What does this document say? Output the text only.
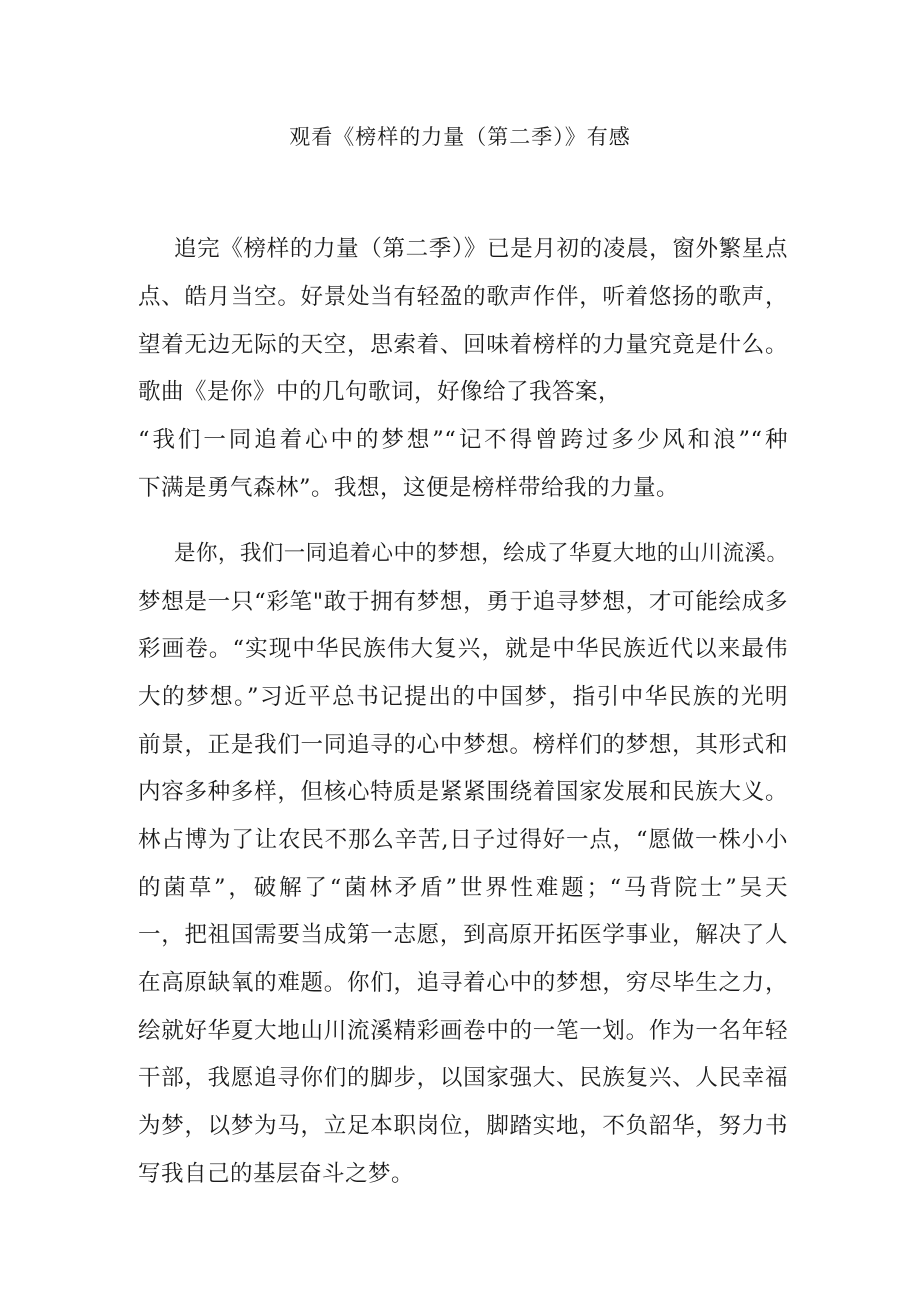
观看《榜样的力量（第二季）》有感
追完《榜样的力量（第二季）》已是月初的凌晨，窗外繁星点
点、皓月当空。好景处当有轻盈的歌声作伴，听着悠扬的歌声，
望着无边无际的天空，思索着、回味着榜样的力量究竟是什么。
歌曲《是你》中的几句歌词，好像给了我答案，
“我们一同追着心中的梦想”“记不得曾跨过多少风和浪”“种
下满是勇气森林”。我想，这便是榜样带给我的力量。
是你，我们一同追着心中的梦想，绘成了华夏大地的山川流溪。
梦想是一只“彩笔"敢于拥有梦想，勇于追寻梦想，才可能绘成多
彩画卷。“实现中华民族伟大复兴，就是中华民族近代以来最伟
大的梦想。”习近平总书记提出的中国梦，指引中华民族的光明
前景，正是我们一同追寻的心中梦想。榜样们的梦想，其形式和
内容多种多样，但核心特质是紧紧围绕着国家发展和民族大义。
林占博为了让农民不那么辛苦,日子过得好一点，“愿做一株小小
的菌草”，破解了“菌林矛盾”世界性难题；“马背院士”吴天
一，把祖国需要当成第一志愿，到高原开拓医学事业，解决了人
在高原缺氧的难题。你们，追寻着心中的梦想，穷尽毕生之力，
绘就好华夏大地山川流溪精彩画卷中的一笔一划。作为一名年轻
干部，我愿追寻你们的脚步，以国家强大、民族复兴、人民幸福
为梦，以梦为马，立足本职岗位，脚踏实地，不负韶华，努力书
写我自己的基层奋斗之梦。
